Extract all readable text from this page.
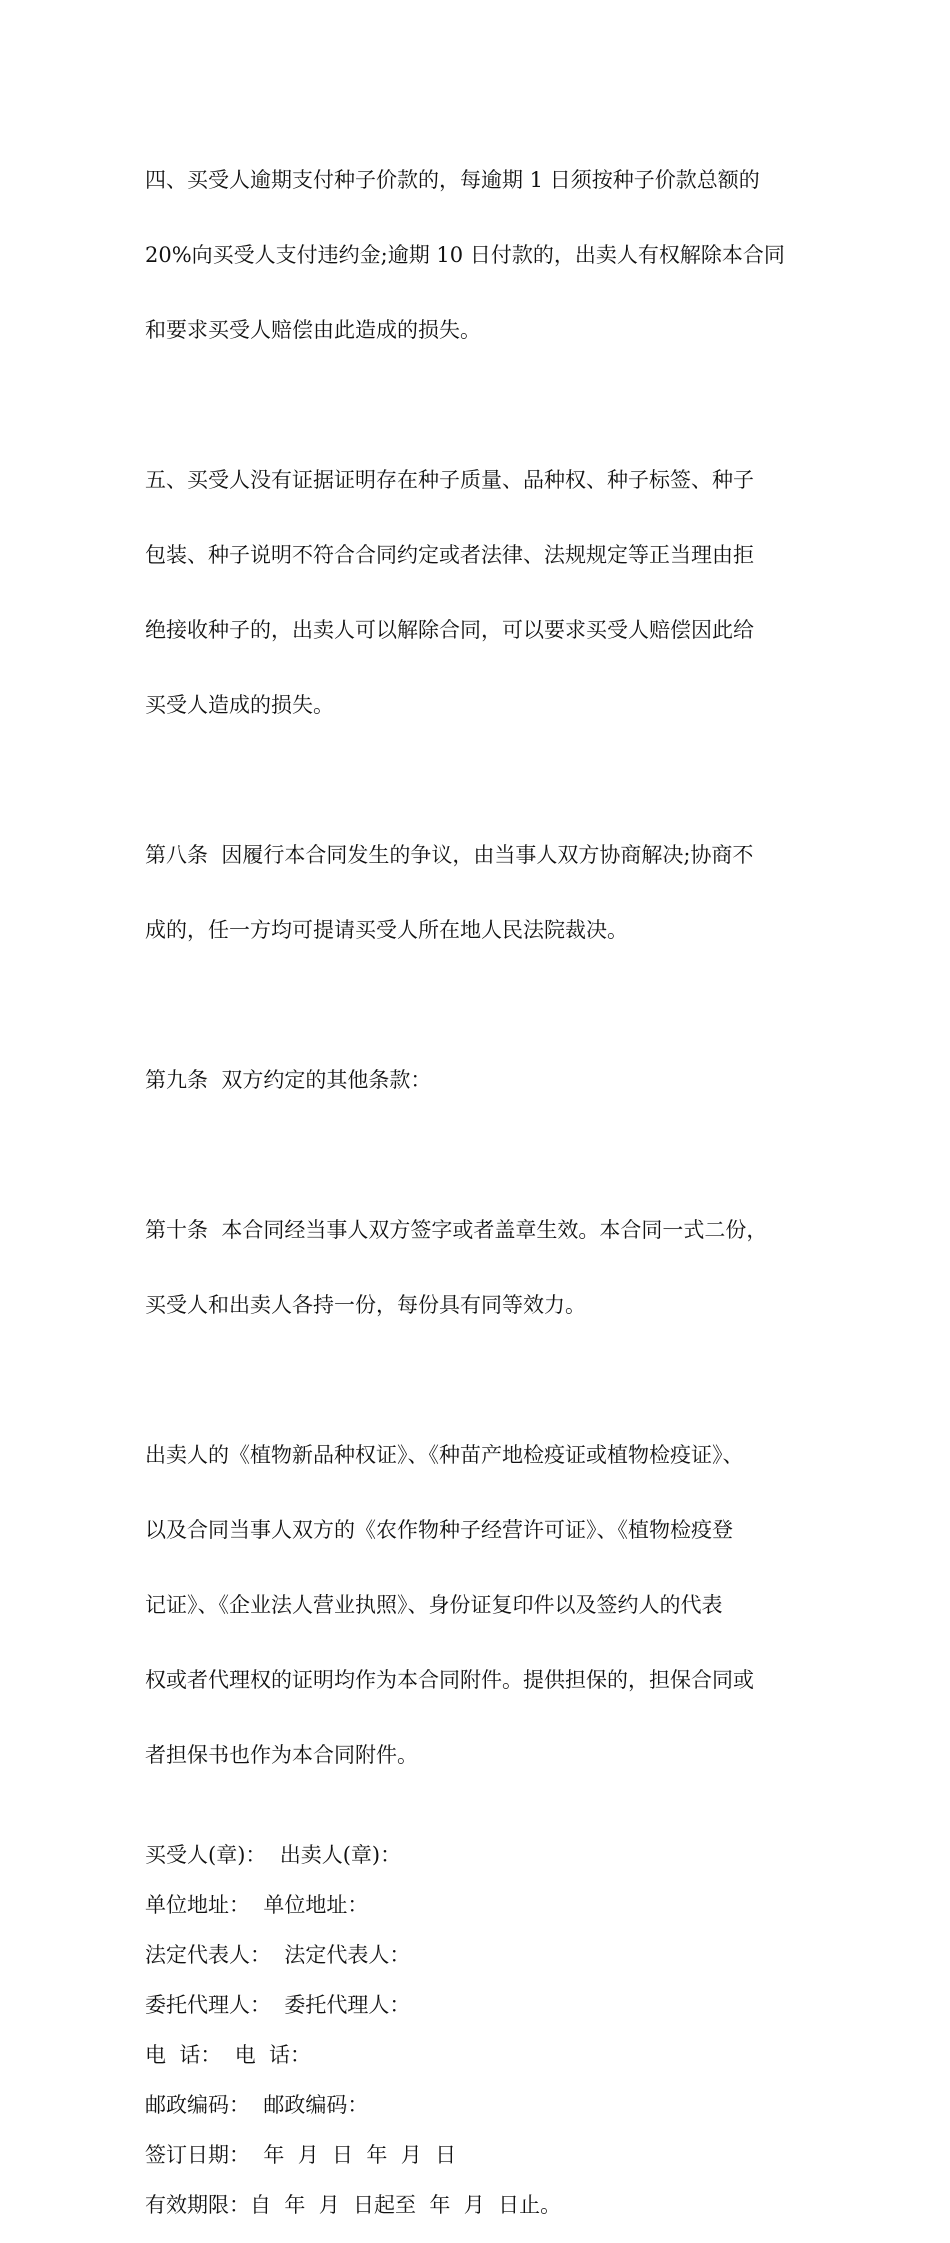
四、买受人逾期支付种子价款的，每逾期 1 日须按种子价款总额的

20%向买受人支付违约金;逾期 10 日付款的，出卖人有权解除本合同

和要求买受人赔偿由此造成的损失。

五、买受人没有证据证明存在种子质量、品种权、种子标签、种子

包装、种子说明不符合合同约定或者法律、法规规定等正当理由拒

绝接收种子的，出卖人可以解除合同，可以要求买受人赔偿因此给

买受人造成的损失。

第八条  因履行本合同发生的争议，由当事人双方协商解决;协商不

成的，任一方均可提请买受人所在地人民法院裁决。

第九条  双方约定的其他条款：

第十条  本合同经当事人双方签字或者盖章生效。本合同一式二份，

买受人和出卖人各持一份，每份具有同等效力。

出卖人的《植物新品种权证》、《种苗产地检疫证或植物检疫证》、

以及合同当事人双方的《农作物种子经营许可证》、《植物检疫登

记证》、《企业法人营业执照》、身份证复印件以及签约人的代表

权或者代理权的证明均作为本合同附件。提供担保的，担保合同或

者担保书也作为本合同附件。

买受人(章)：  出卖人(章)：
单位地址：  单位地址：
法定代表人：  法定代表人：
委托代理人：  委托代理人：
电  话：  电  话：
邮政编码：  邮政编码：
签订日期：  年  月  日  年  月  日
有效期限：自  年  月  日起至  年  月  日止。
